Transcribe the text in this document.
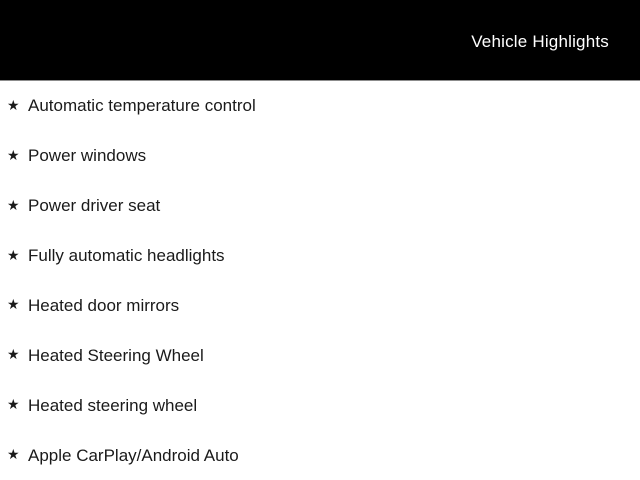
Vehicle Highlights
★ Automatic temperature control
★ Power windows
★ Power driver seat
★ Fully automatic headlights
★ Heated door mirrors
★ Heated Steering Wheel
★ Heated steering wheel
★ Apple CarPlay/Android Auto
